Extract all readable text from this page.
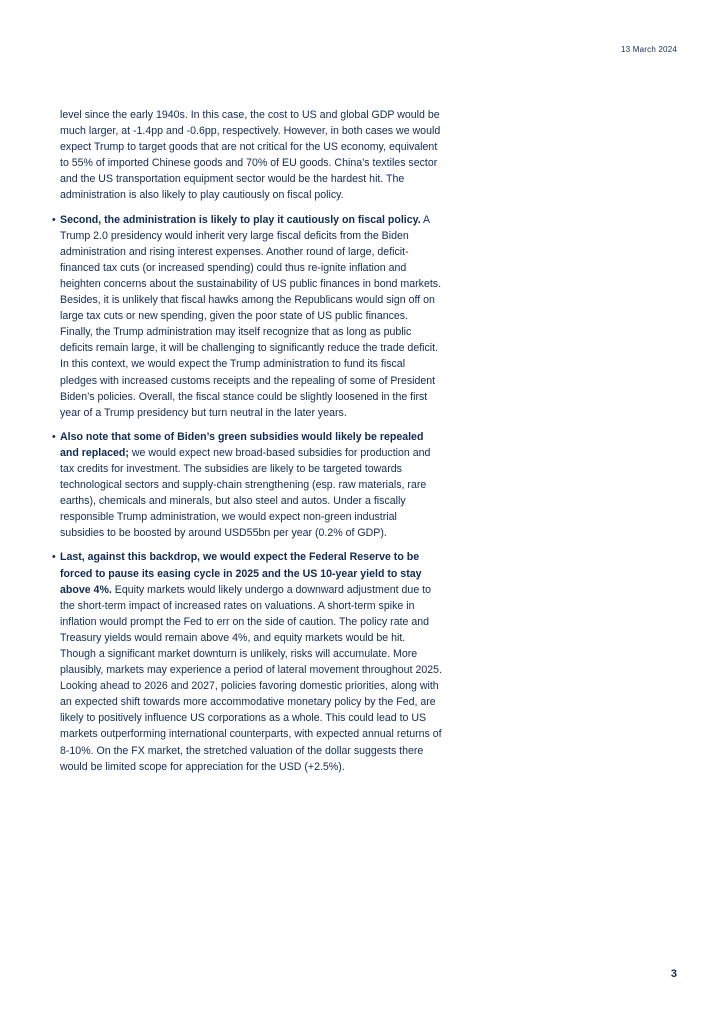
13 March 2024

level since the early 1940s. In this case, the cost to US and global GDP would be much larger, at -1.4pp and -0.6pp, respectively. However, in both cases we would expect Trump to target goods that are not critical for the US economy, equivalent to 55% of imported Chinese goods and 70% of EU goods. China’s textiles sector and the US transportation equipment sector would be the hardest hit. The administration is also likely to play cautiously on fiscal policy.

• Second, the administration is likely to play it cautiously on fiscal policy. A Trump 2.0 presidency would inherit very large fiscal deficits from the Biden administration and rising interest expenses. Another round of large, deficit-financed tax cuts (or increased spending) could thus re-ignite inflation and heighten concerns about the sustainability of US public finances in bond markets. Besides, it is unlikely that fiscal hawks among the Republicans would sign off on large tax cuts or new spending, given the poor state of US public finances. Finally, the Trump administration may itself recognize that as long as public deficits remain large, it will be challenging to significantly reduce the trade deficit. In this context, we would expect the Trump administration to fund its fiscal pledges with increased customs receipts and the repealing of some of President Biden’s policies. Overall, the fiscal stance could be slightly loosened in the first year of a Trump presidency but turn neutral in the later years.
• Also note that some of Biden’s green subsidies would likely be repealed and replaced; we would expect new broad-based subsidies for production and tax credits for investment. The subsidies are likely to be targeted towards technological sectors and supply-chain strengthening (esp. raw materials, rare earths), chemicals and minerals, but also steel and autos. Under a fiscally responsible Trump administration, we would expect non-green industrial subsidies to be boosted by around USD55bn per year (0.2% of GDP).
• Last, against this backdrop, we would expect the Federal Reserve to be forced to pause its easing cycle in 2025 and the US 10-year yield to stay above 4%. Equity markets would likely undergo a downward adjustment due to the short-term impact of increased rates on valuations. A short-term spike in inflation would prompt the Fed to err on the side of caution. The policy rate and Treasury yields would remain above 4%, and equity markets would be hit. Though a significant market downturn is unlikely, risks will accumulate. More plausibly, markets may experience a period of lateral movement throughout 2025. Looking ahead to 2026 and 2027, policies favoring domestic priorities, along with an expected shift towards more accommodative monetary policy by the Fed, are likely to positively influence US corporations as a whole. This could lead to US markets outperforming international counterparts, with expected annual returns of 8-10%. On the FX market, the stretched valuation of the dollar suggests there would be limited scope for appreciation for the USD (+2.5%).
3
